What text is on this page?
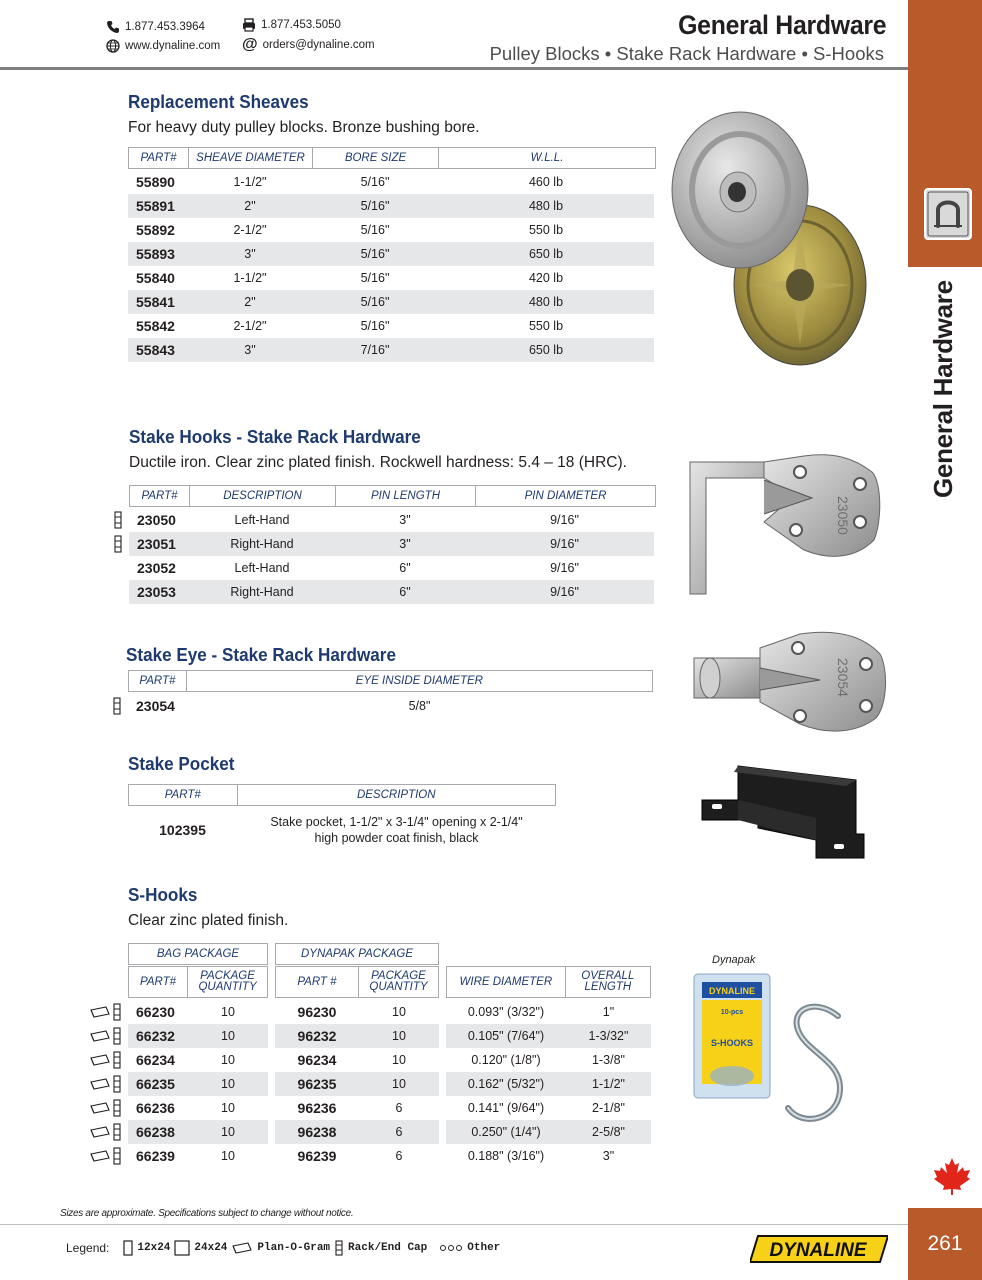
1.877.453.3964	1.877.453.5050
www.dynaline.com @ orders@dynaline.com
General Hardware
Pulley Blocks • Stake Rack Hardware • S-Hooks
General Hardware
261
Replacement Sheaves
For heavy duty pulley blocks. Bronze bushing bore.
PART#	SHEAVE DIAMETER	BORE SIZE	W.L.L.
55890	1-1/2"	5/16"	460 lb
55891	2"	5/16"	480 lb
55892	2-1/2"	5/16"	550 lb
55893	3"	5/16"	650 lb
55840	1-1/2"	5/16"	420 lb
55841	2"	5/16"	480 lb
55842	2-1/2"	5/16"	550 lb
55843	3"	7/16"	650 lb
Stake Hooks - Stake Rack Hardware
Ductile iron. Clear zinc plated finish. Rockwell hardness: 5.4 – 18 (HRC).
PART#	DESCRIPTION	PIN LENGTH	PIN DIAMETER
23050	Left-Hand	3"	9/16"
23051	Right-Hand	3"	9/16"
23052	Left-Hand	6"	9/16"
23053	Right-Hand	6"	9/16"
23050
Stake Eye - Stake Rack Hardware
PART#	EYE INSIDE DIAMETER
23054	5/8"
23054
Stake Pocket
PART#	DESCRIPTION
102395	Stake pocket, 1-1/2" x 3-1/4" opening x 2-1/4"
high powder coat finish, black
S-Hooks
Clear zinc plated finish.
BAG PACKAGE	DYNAPAK PACKAGE
PART#	PACKAGE QUANTITY	PART #	PACKAGE QUANTITY	WIRE DIAMETER	OVERALL LENGTH
66230	10	96230	10	0.093" (3/32")	1"
66232	10	96232	10	0.105" (7/64")	1-3/32"
66234	10	96234	10	0.120" (1/8")	1-3/8"
66235	10	96235	10	0.162" (5/32")	1-1/2"
66236	10	96236	6	0.141" (9/64")	2-1/8"
66238	10	96238	6	0.250" (1/4")	2-5/8"
66239	10	96239	6	0.188" (3/16")	3"
Dynapak
DYNALINE
10-pcs
S-HOOKS
Sizes are approximate. Specifications subject to change without notice.
Legend:	12x24 24x24	Plan-O-Gram Rack/End Cap	Other	DYNALINE
